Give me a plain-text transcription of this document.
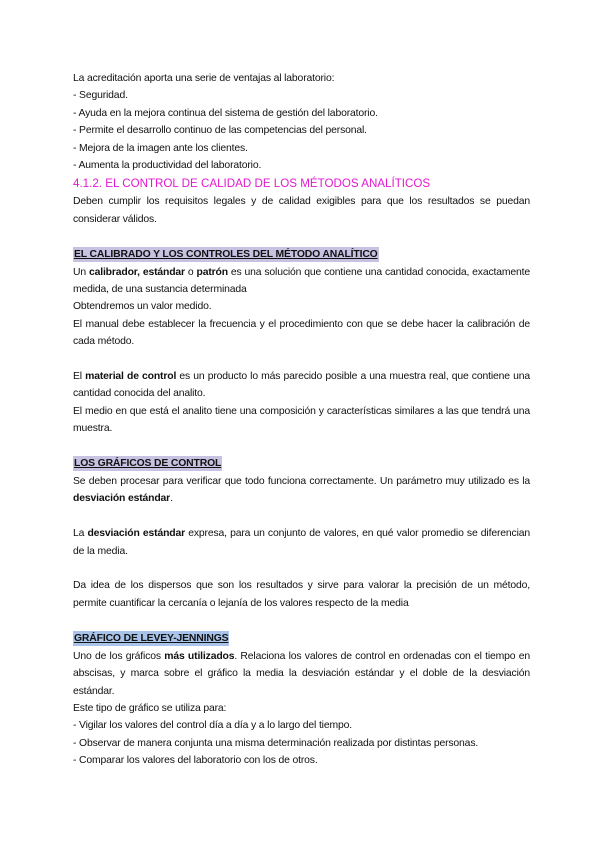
La acreditación aporta una serie de ventajas al laboratorio:

- Seguridad.

- Ayuda en la mejora continua del sistema de gestión del laboratorio.

- Permite el desarrollo continuo de las competencias del personal.

- Mejora de la imagen ante los clientes.

- Aumenta la productividad del laboratorio.

4.1.2. EL CONTROL DE CALIDAD DE LOS MÉTODOS ANALÍTICOS

Deben cumplir los requisitos legales y de calidad exigibles para que los resultados se puedan considerar válidos.

EL CALIBRADO Y LOS CONTROLES DEL MÉTODO ANALÍTICO

Un calibrador, estándar o patrón es una solución que contiene una cantidad conocida, exactamente medida, de una sustancia determinada

Obtendremos un valor medido.

El manual debe establecer la frecuencia y el procedimiento con que se debe hacer la calibración de cada método.

El material de control es un producto lo más parecido posible a una muestra real, que contiene una cantidad conocida del analito.

El medio en que está el analito tiene una composición y características similares a las que tendrá una muestra.

LOS GRÁFICOS DE CONTROL

Se deben procesar para verificar que todo funciona correctamente. Un parámetro muy utilizado es la desviación estándar.

La desviación estándar expresa, para un conjunto de valores, en qué valor promedio se diferencian de la media.

Da idea de los dispersos que son los resultados y sirve para valorar la precisión de un método, permite cuantificar la cercanía o lejanía de los valores respecto de la media

GRÁFICO DE LEVEY-JENNINGS

Uno de los gráficos más utilizados. Relaciona los valores de control en ordenadas con el tiempo en abscisas, y marca sobre el gráfico la media la desviación estándar y el doble de la desviación estándar.

Este tipo de gráfico se utiliza para:

- Vigilar los valores del control día a día y a lo largo del tiempo.

- Observar de manera conjunta una misma determinación realizada por distintas personas.

- Comparar los valores del laboratorio con los de otros.
